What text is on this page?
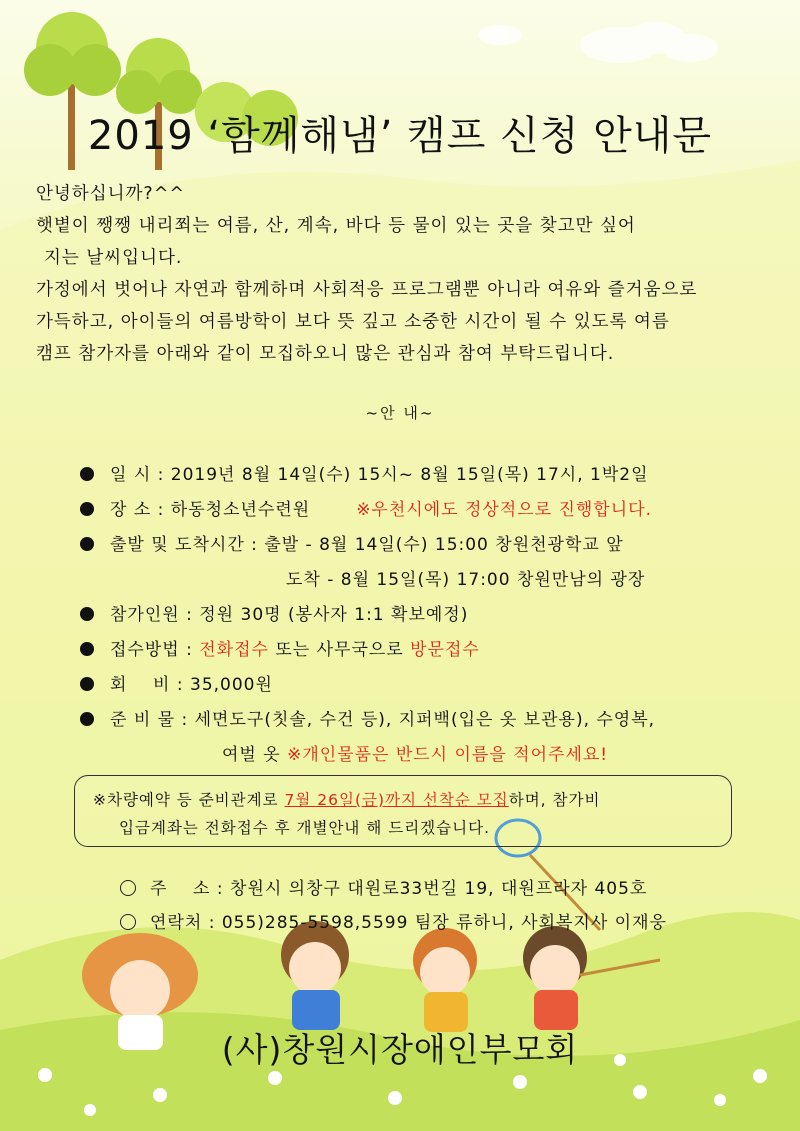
2019 ‘함께해냄’ 캠프 신청 안내문
안녕하십니까?^^
햇볕이 쨍쨍 내리쬐는 여름, 산, 계속, 바다 등 물이 있는 곳을 찾고만 싶어
지는 날씨입니다.
가정에서 벗어나 자연과 함께하며 사회적응 프로그램뿐 아니라 여유와 즐거움으로
가득하고, 아이들의 여름방학이 보다 뜻 깊고 소중한 시간이 될 수 있도록 여름
캠프 참가자를 아래와 같이 모집하오니 많은 관심과 참여 부탁드립니다.
~안 내~
일 시 : 2019년 8월 14일(수) 15시~ 8월 15일(목) 17시, 1박2일
장 소 : 하동청소년수련원	※우천시에도 정상적으로 진행합니다.
출발 및 도착시간 : 출발 - 8월 14일(수) 15:00 창원천광학교 앞
도착 - 8월 15일(목) 17:00 창원만남의 광장
참가인원 : 정원 30명 (봉사자 1:1 확보예정)
접수방법 : 전화접수 또는 사무국으로 방문접수
회    비 : 35,000원
준 비 물 : 세면도구(칫솔, 수건 등), 지퍼백(입은 옷 보관용), 수영복,
여벌 옷 ※개인물품은 반드시 이름을 적어주세요!
※차량예약 등 준비관계로 7월 26일(금)까지 선착순 모집하며, 참가비
입금계좌는 전화접수 후 개별안내 해 드리겠습니다.
주    소 : 창원시 의창구 대원로33번길 19, 대원프라자 405호
연락처 : 055)285-5598,5599 팀장 류하니, 사회복지사 이재웅
(사)창원시장애인부모회
